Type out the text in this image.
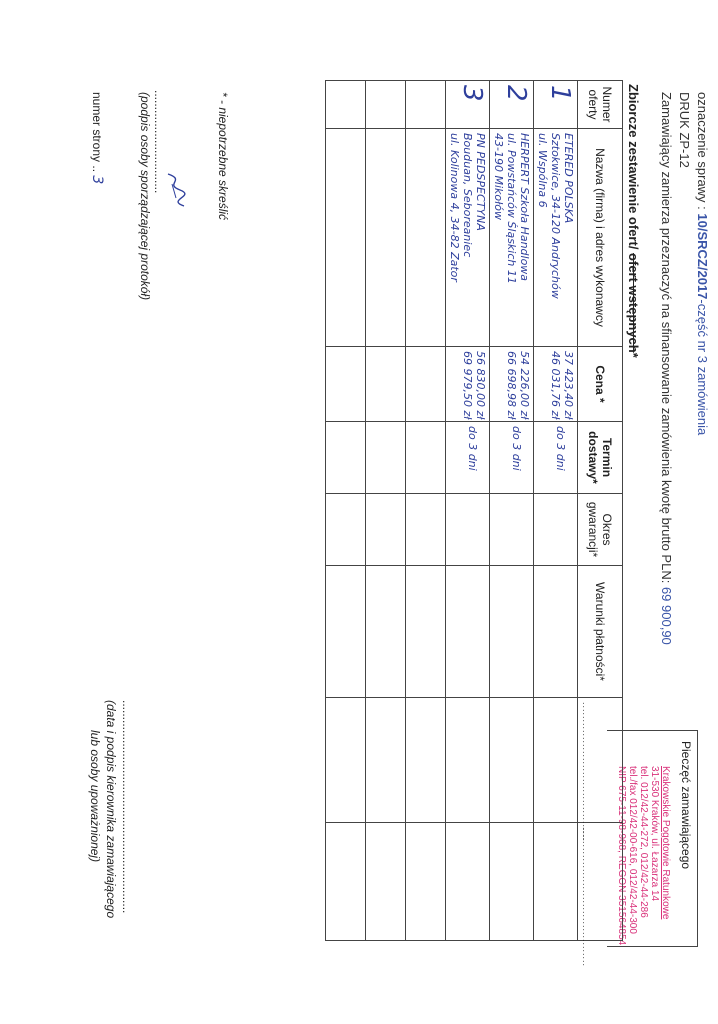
oznaczenie sprawy : 10/SRCZ/2017-część nr 3 zamówienia
DRUK ZP-12
Zamawiający zamierza przeznaczyć na sfinansowanie zamówienia kwotę brutto PLN: 69 900,90
Pieczęć zamawiającego
Krakowskie Pogotowie Ratunkowe
31-530 Kraków, ul. Łazarza 14
tel. 012/42-44-272, 012/42-44-286
tel./fax 012/42-00-616, 012/42-44-300
NIP 675-11-98-968, REGON 351564854
Zbiorcze zestawienie ofert/ ofert wstępnych*
Numer oferty	Nazwa (firma) i adres wykonawcy	Cena *	Termin dostawy*	Okres gwarancji*	Warunki płatności*	........................................	........................................
1	ETERED POLSKA
Sztokwice, 34-120 Andrychów
ul. Wspólna 6	37 423,40 zł
46 031,76 zł	do 3 dni				

2	HERPERT Szkoła Handlowa
ul. Powstańców Śląskich 11
43-190 Mikołów	54 226,00 zł
66 698,98 zł	do 3 dni				

3	PN PEDSPECTYNA
Bouduan, Seboreaniec
ul. Kolinowa 4, 34-82 Zator	56 830,00 zł
69 979,50 zł	do 3 dni				

* - niepotrzebne skreślić
...............................
(podpis osoby sporządzającej protokół)
numer strony .. 3
................................................................
(data i podpis kierownika zamawiającego
lub osoby upoważnionej)
